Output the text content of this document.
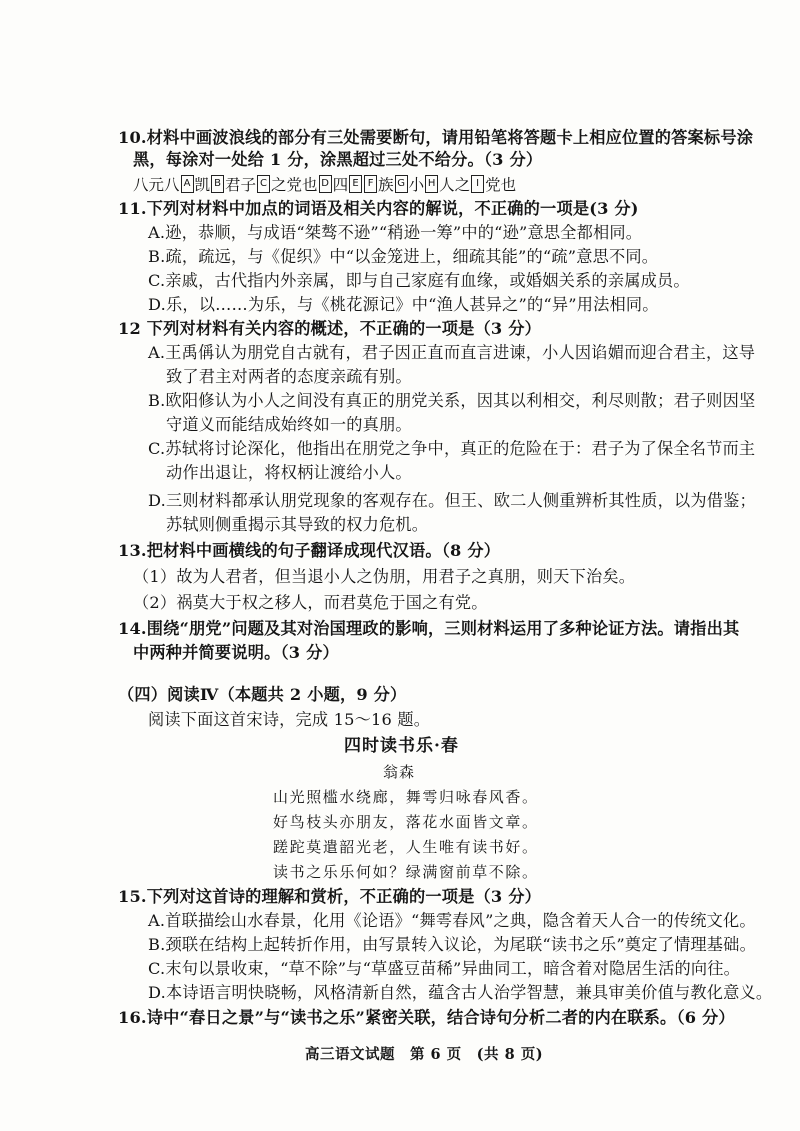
10.材料中画波浪线的部分有三处需要断句，请用铅笔将答题卡上相应位置的答案标号涂
黑，每涂对一处给 1 分，涂黑超过三处不给分。（3 分）
八元八 A 凯 B 君子 C 之党也 D 四 E F 族 G 小 H 人之 I 党也
11.下列对材料中加点的词语及相关内容的解说，不正确的一项是(3 分)
A.逊，恭顺，与成语“桀骜不逊”“稍逊一筹”中的“逊”意思全都相同。
B.疏，疏远，与《促织》中“以金笼进上，细疏其能”的“疏”意思不同。
C.亲戚，古代指内外亲属，即与自己家庭有血缘，或婚姻关系的亲属成员。
D.乐，以……为乐，与《桃花源记》中“渔人甚异之”的“异”用法相同。
12 下列对材料有关内容的概述，不正确的一项是（3 分）
A.王禹偁认为朋党自古就有，君子因正直而直言进谏，小人因谄媚而迎合君主，这导
致了君主对两者的态度亲疏有别。
B.欧阳修认为小人之间没有真正的朋党关系，因其以利相交，利尽则散；君子则因坚
守道义而能结成始终如一的真朋。
C.苏轼将讨论深化，他指出在朋党之争中，真正的危险在于：君子为了保全名节而主
动作出退让，将权柄让渡给小人。
D.三则材料都承认朋党现象的客观存在。但王、欧二人侧重辨析其性质，以为借鉴；
苏轼则侧重揭示其导致的权力危机。
13.把材料中画横线的句子翻译成现代汉语。（8 分）
（1）故为人君者，但当退小人之伪朋，用君子之真朋，则天下治矣。
（2）祸莫大于权之移人，而君莫危于国之有党。
14.围绕“朋党”问题及其对治国理政的影响，三则材料运用了多种论证方法。请指出其
中两种并简要说明。（3 分）
（四）阅读Ⅳ（本题共 2 小题，9 分）
阅读下面这首宋诗，完成 15～16 题。
四时读书乐·春
翁森
山光照槛水绕廊，舞雩归咏春风香。
好鸟枝头亦朋友，落花水面皆文章。
蹉跎莫遣韶光老，人生唯有读书好。
读书之乐乐何如？绿满窗前草不除。
15.下列对这首诗的理解和赏析，不正确的一项是（3 分）
A.首联描绘山水春景，化用《论语》“舞雩春风”之典，隐含着天人合一的传统文化。
B.颈联在结构上起转折作用，由写景转入议论，为尾联“读书之乐”奠定了情理基础。
C.末句以景收束，“草不除”与“草盛豆苗稀”异曲同工，暗含着对隐居生活的向往。
D.本诗语言明快晓畅，风格清新自然，蕴含古人治学智慧，兼具审美价值与教化意义。
16.诗中“春日之景”与“读书之乐”紧密关联，结合诗句分析二者的内在联系。（6 分）
高三语文试题　第 6 页　(共 8 页)
